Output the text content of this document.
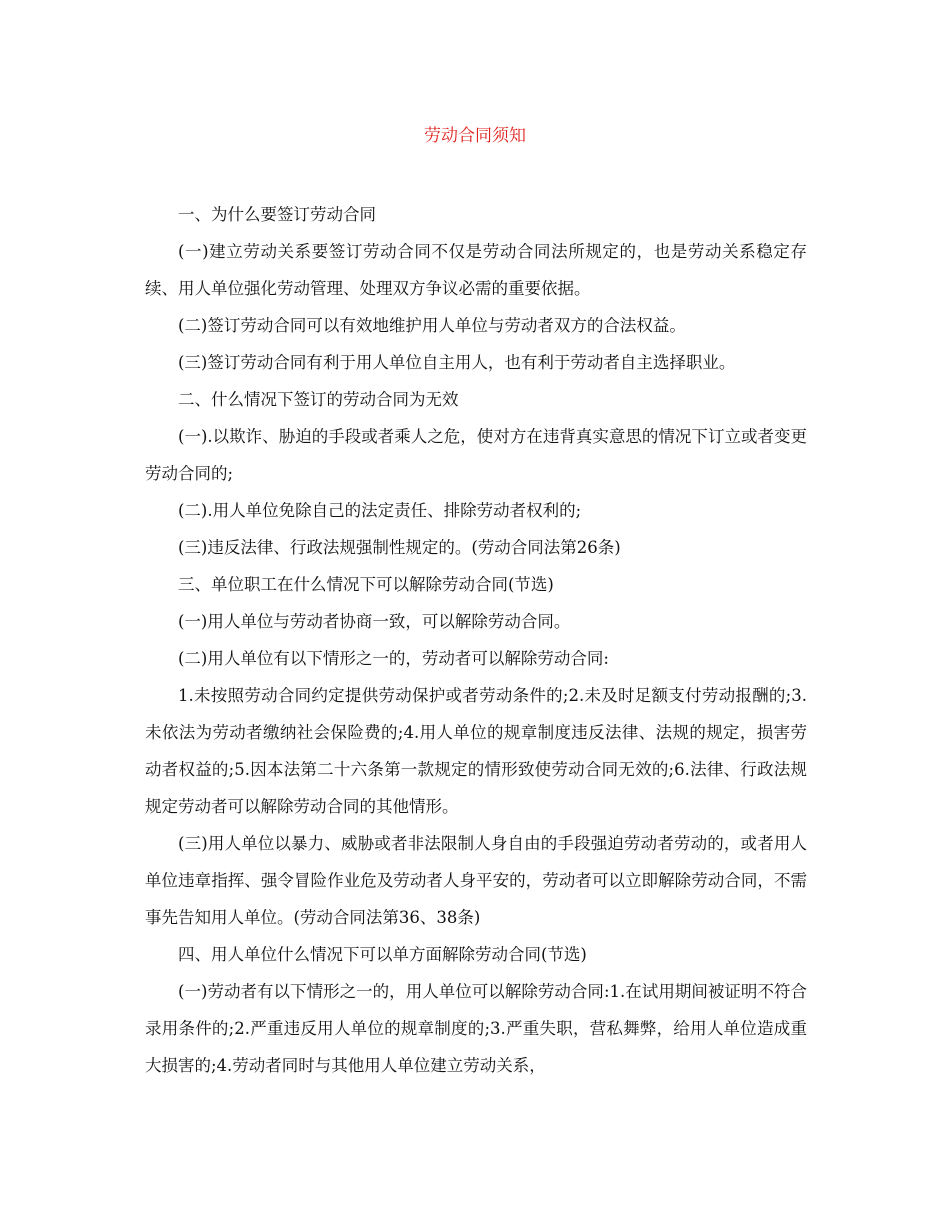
劳动合同须知

一、为什么要签订劳动合同

(一)建立劳动关系要签订劳动合同不仅是劳动合同法所规定的，也是劳动关系稳定存续、用人单位强化劳动管理、处理双方争议必需的重要依据。

(二)签订劳动合同可以有效地维护用人单位与劳动者双方的合法权益。

(三)签订劳动合同有利于用人单位自主用人，也有利于劳动者自主选择职业。

二、什么情况下签订的劳动合同为无效

(一).以欺诈、胁迫的手段或者乘人之危，使对方在违背真实意思的情况下订立或者变更劳动合同的;

(二).用人单位免除自己的法定责任、排除劳动者权利的;

(三)违反法律、行政法规强制性规定的。(劳动合同法第26条)

三、单位职工在什么情况下可以解除劳动合同(节选)

(一)用人单位与劳动者协商一致，可以解除劳动合同。

(二)用人单位有以下情形之一的，劳动者可以解除劳动合同:

1.未按照劳动合同约定提供劳动保护或者劳动条件的;2.未及时足额支付劳动报酬的;3.未依法为劳动者缴纳社会保险费的;4.用人单位的规章制度违反法律、法规的规定，损害劳动者权益的;5.因本法第二十六条第一款规定的情形致使劳动合同无效的;6.法律、行政法规规定劳动者可以解除劳动合同的其他情形。

(三)用人单位以暴力、威胁或者非法限制人身自由的手段强迫劳动者劳动的，或者用人单位违章指挥、强令冒险作业危及劳动者人身平安的，劳动者可以立即解除劳动合同，不需事先告知用人单位。(劳动合同法第36、38条)

四、用人单位什么情况下可以单方面解除劳动合同(节选)

(一)劳动者有以下情形之一的，用人单位可以解除劳动合同:1.在试用期间被证明不符合录用条件的;2.严重违反用人单位的规章制度的;3.严重失职，营私舞弊，给用人单位造成重大损害的;4.劳动者同时与其他用人单位建立劳动关系，
